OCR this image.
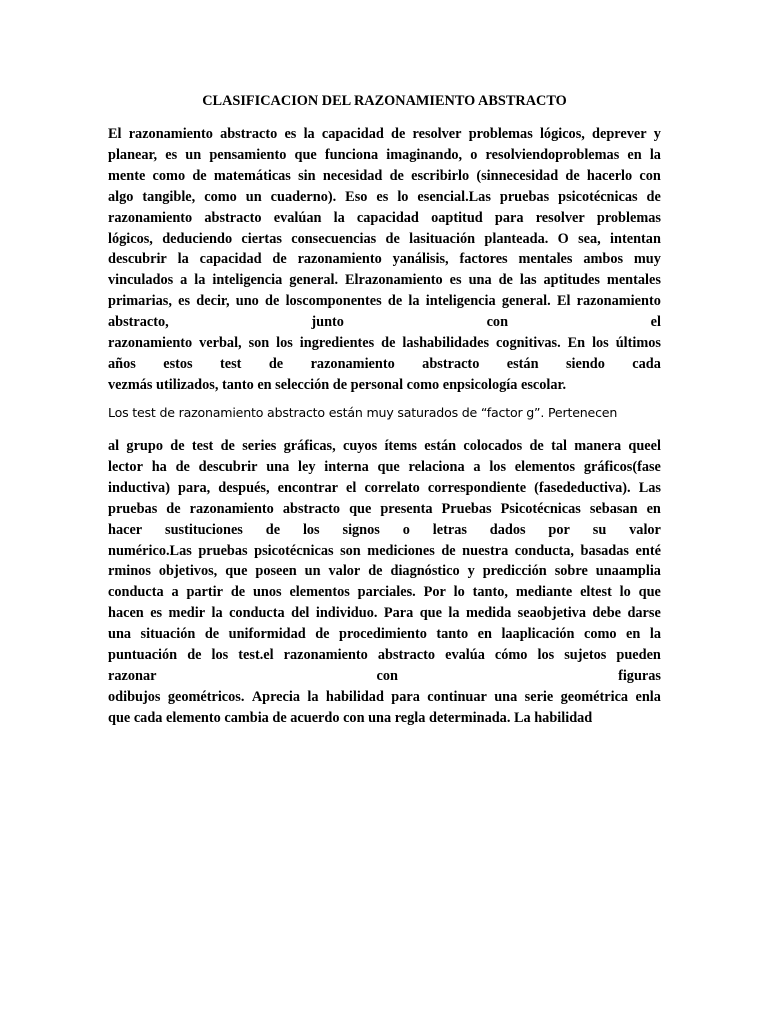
CLASIFICACION DEL RAZONAMIENTO ABSTRACTO
El razonamiento abstracto es la capacidad de resolver problemas lógicos, deprever y
planear, es un pensamiento que funciona imaginando, o resolviendoproblemas en la
mente como de matemáticas sin necesidad de escribirlo (sinnecesidad de hacerlo con
algo tangible, como un cuaderno). Eso es lo esencial.Las pruebas psicotécnicas de
razonamiento abstracto evalúan la capacidad oaptitud para resolver problemas
lógicos, deduciendo ciertas consecuencias de lasituación planteada. O sea, intentan
descubrir la capacidad de razonamiento yanálisis, factores mentales ambos muy
vinculados a la inteligencia general. Elrazonamiento es una de las aptitudes mentales
primarias, es decir, uno de loscomponentes de la inteligencia general. El razonamiento
abstracto,	junto	con	el
razonamiento verbal, son los ingredientes de lashabilidades cognitivas. En los últimos
años estos test de razonamiento abstracto están siendo cada
vezmás utilizados, tanto en selección de personal como enpsicología escolar.
Los test de razonamiento abstracto están muy saturados de “factor g”. Pertenecen
al grupo de test de series gráficas, cuyos ítems están colocados de tal manera queel
lector ha de descubrir una ley interna que relaciona a los elementos gráficos(fase
inductiva) para, después, encontrar el correlato correspondiente (fasedeductiva). Las
pruebas de razonamiento abstracto que presenta Pruebas Psicotécnicas sebasan en
hacer sustituciones de los signos o letras dados por su valor
numérico.Las pruebas psicotécnicas son mediciones de nuestra conducta, basadas enté
rminos objetivos, que poseen un valor de diagnóstico y predicción sobre unaamplia
conducta a partir de unos elementos parciales. Por lo tanto, mediante eltest lo que
hacen es medir la conducta del individuo. Para que la medida seaobjetiva debe darse
una situación de uniformidad de procedimiento tanto en laaplicación como en la
puntuación de los test.el razonamiento abstracto evalúa cómo los sujetos pueden
razonar	con	figuras
odibujos geométricos. Aprecia la habilidad para continuar una serie geométrica enla
que cada elemento cambia de acuerdo con una regla determinada. La habilidad
